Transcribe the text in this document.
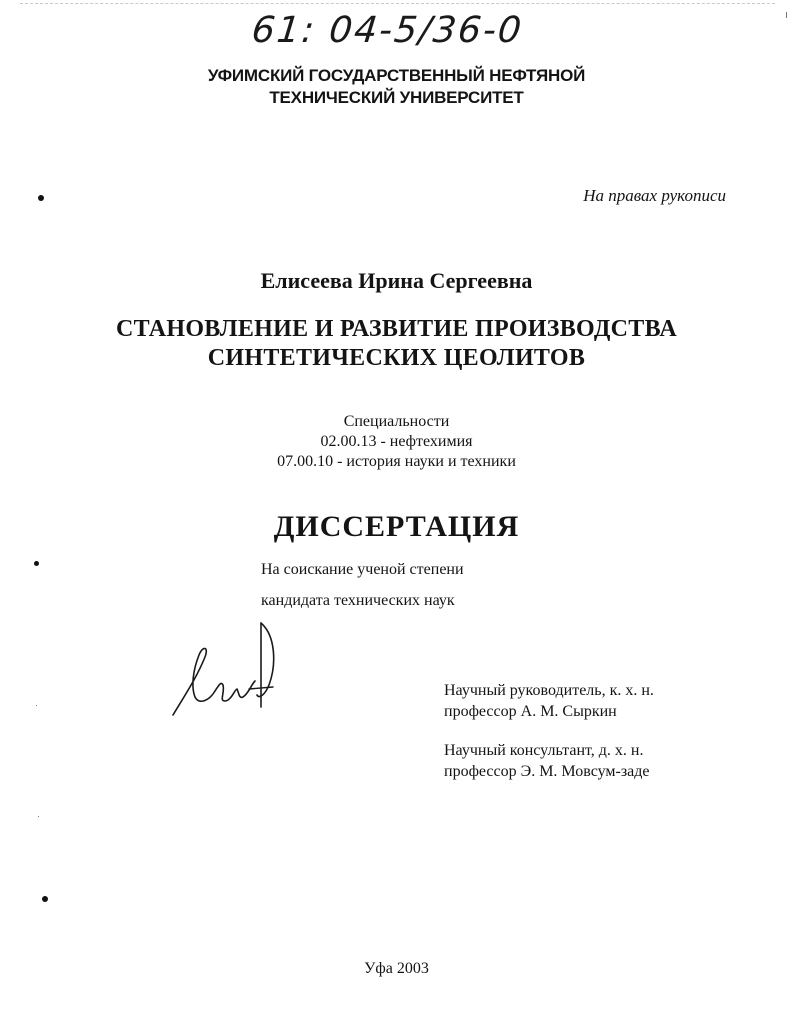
61: 04-5/36-0
УФИМСКИЙ ГОСУДАРСТВЕННЫЙ НЕФТЯНОЙ
ТЕХНИЧЕСКИЙ УНИВЕРСИТЕТ
На правах рукописи
Елисеева Ирина Сергеевна
СТАНОВЛЕНИЕ И РАЗВИТИЕ ПРОИЗВОДСТВА
СИНТЕТИЧЕСКИХ ЦЕОЛИТОВ
Специальности
02.00.13 - нефтехимия
07.00.10 - история науки и техники
ДИССЕРТАЦИЯ
На соискание ученой степени
кандидата технических наук
Научный руководитель, к. х. н.
профессор А. М. Сыркин
Научный консультант, д. х. н.
профессор Э. М. Мовсум-заде
Уфа 2003
